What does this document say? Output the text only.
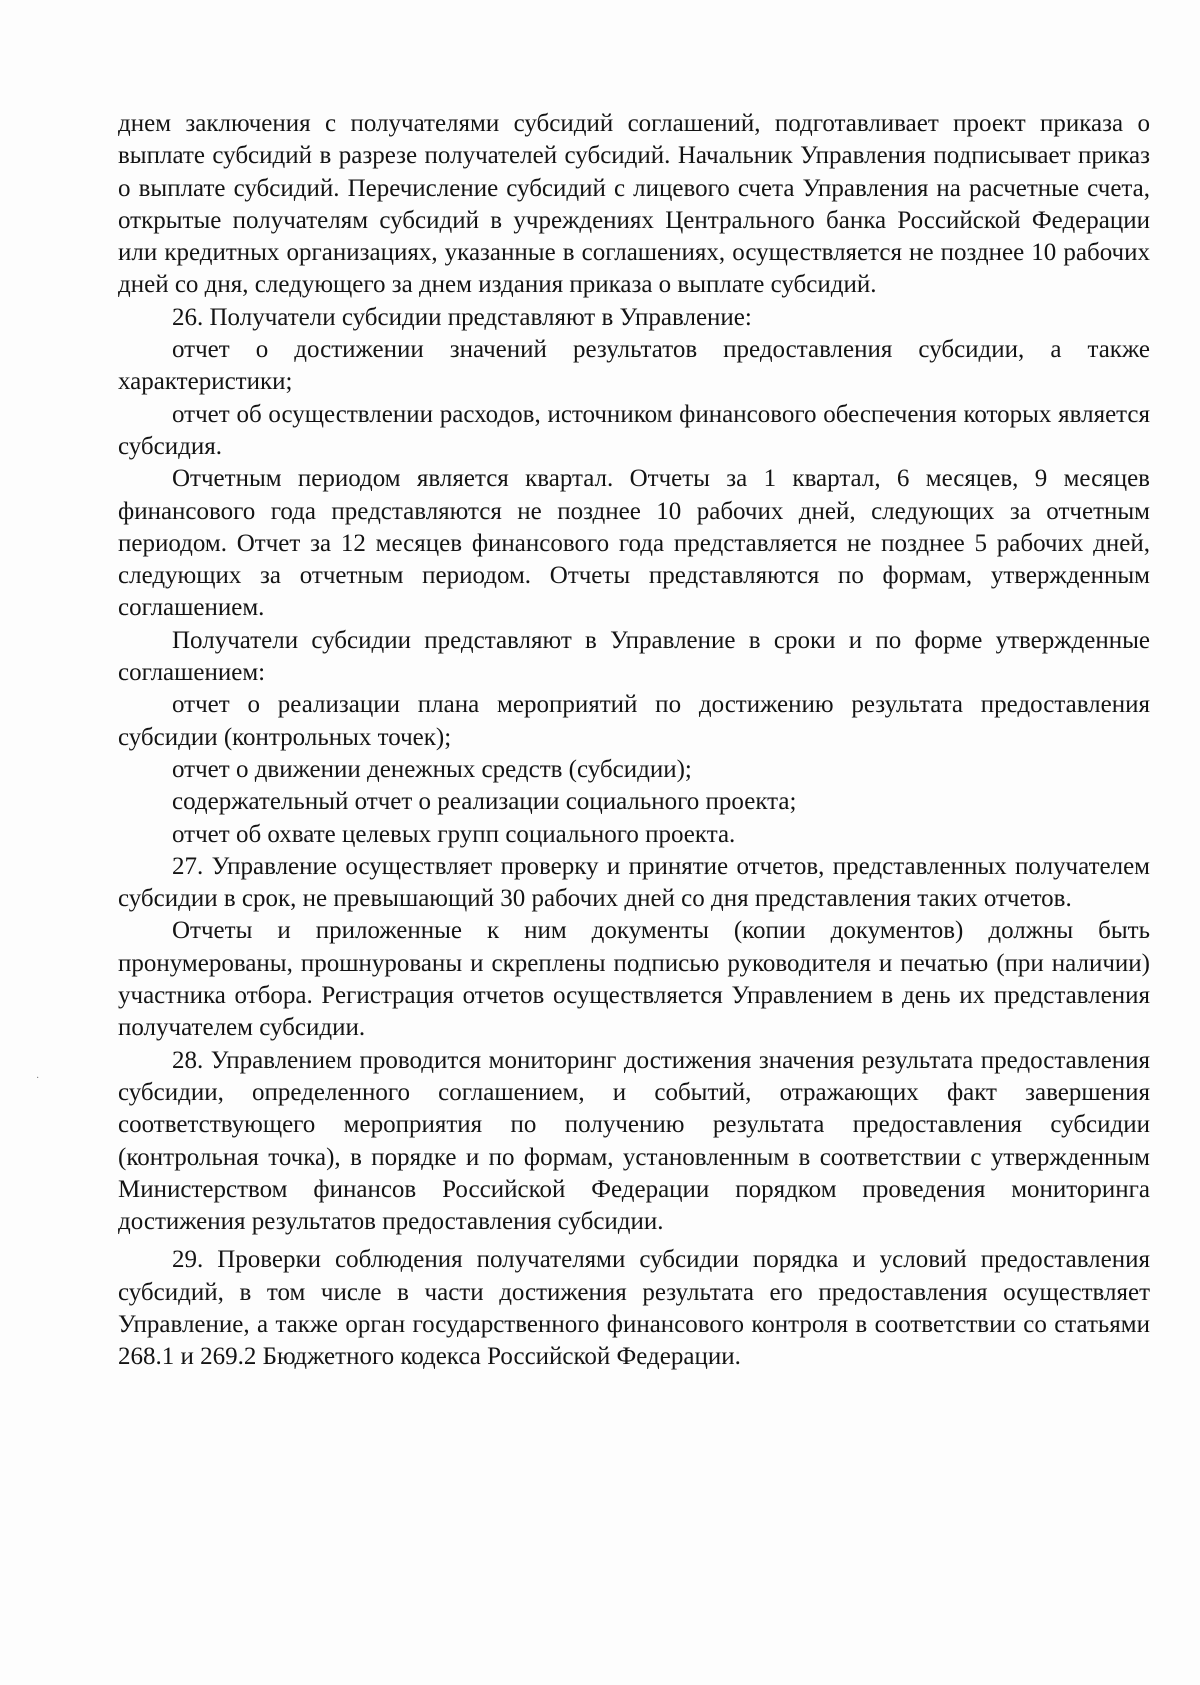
днем заключения с получателями субсидий соглашений, подготавливает проект приказа о выплате субсидий в разрезе получателей субсидий. Начальник Управления подписывает приказ о выплате субсидий. Перечисление субсидий с лицевого счета Управления на расчетные счета, открытые получателям субсидий в учреждениях Центрального банка Российской Федерации или кредитных организациях, указанные в соглашениях, осуществляется не позднее 10 рабочих дней со дня, следующего за днем издания приказа о выплате субсидий.

26. Получатели субсидии представляют в Управление:

отчет о достижении значений результатов предоставления субсидии, а также характеристики;

отчет об осуществлении расходов, источником финансового обеспечения которых является субсидия.

Отчетным периодом является квартал. Отчеты за 1 квартал, 6 месяцев, 9 месяцев финансового года представляются не позднее 10 рабочих дней, следующих за отчетным периодом. Отчет за 12 месяцев финансового года представляется не позднее 5 рабочих дней, следующих за отчетным периодом. Отчеты представляются по формам, утвержденным соглашением.

Получатели субсидии представляют в Управление в сроки и по форме утвержденные соглашением:

отчет о реализации плана мероприятий по достижению результата предоставления субсидии (контрольных точек);

отчет о движении денежных средств (субсидии);

содержательный отчет о реализации социального проекта;

отчет об охвате целевых групп социального проекта.

27. Управление осуществляет проверку и принятие отчетов, представленных получателем субсидии в срок, не превышающий 30 рабочих дней со дня представления таких отчетов.

Отчеты и приложенные к ним документы (копии документов) должны быть пронумерованы, прошнурованы и скреплены подписью руководителя и печатью (при наличии) участника отбора. Регистрация отчетов осуществляется Управлением в день их представления получателем субсидии.

28. Управлением проводится мониторинг достижения значения результата предоставления субсидии, определенного соглашением, и событий, отражающих факт завершения соответствующего мероприятия по получению результата предоставления субсидии (контрольная точка), в порядке и по формам, установленным в соответствии с утвержденным Министерством финансов Российской Федерации порядком проведения мониторинга достижения результатов предоставления субсидии.

29. Проверки соблюдения получателями субсидии порядка и условий предоставления субсидий, в том числе в части достижения результата его предоставления осуществляет Управление, а также орган государственного финансового контроля в соответствии со статьями 268.1 и 269.2 Бюджетного кодекса Российской Федерации.

·
